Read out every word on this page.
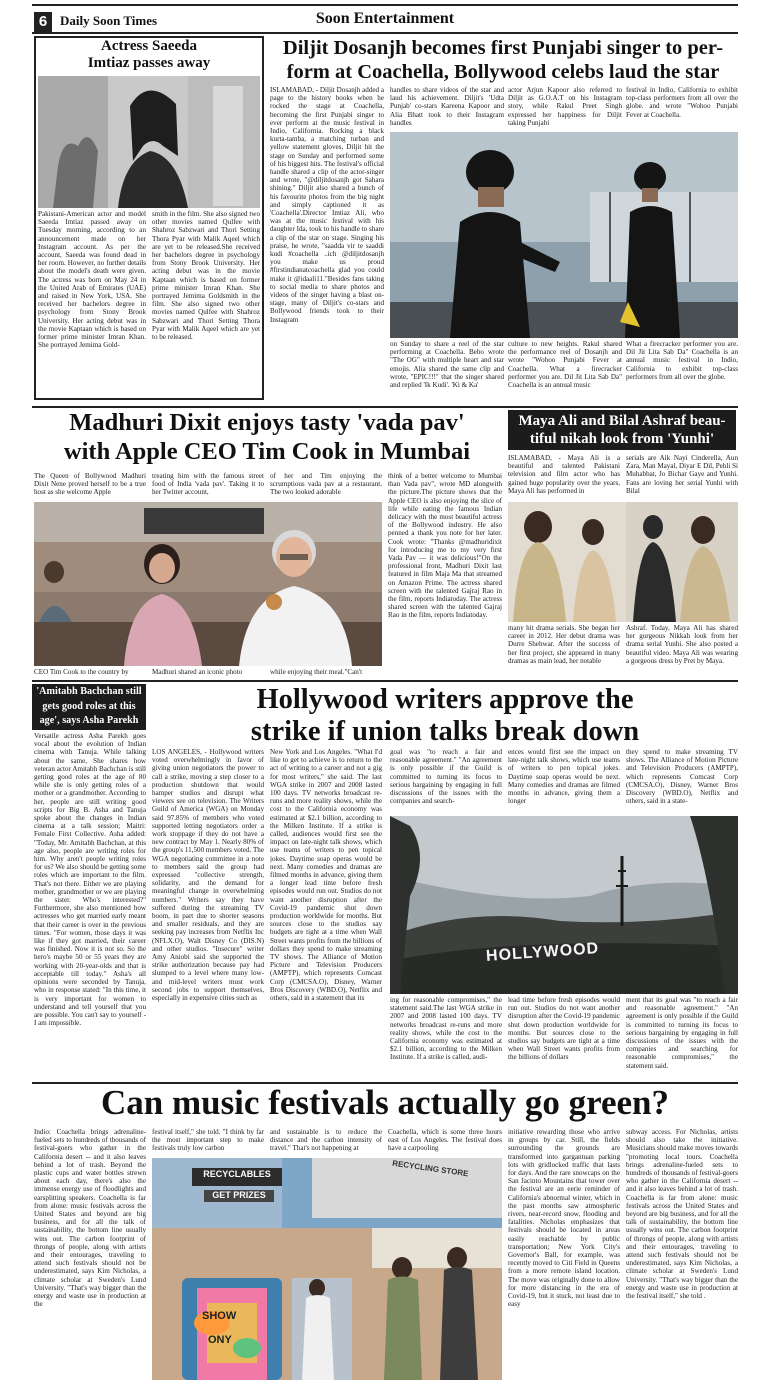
6 Daily Soon Times	Soon Entertainment
Actress Saeeda
Imtiaz passes away
Pakistani-American actor and model Saeeda Imtiaz passed away on Tuesday morning, according to an announcement made on her Instagram account. As per the account, Saeeda was found dead in her room. However, no further details about the model's death were given. The actress was born on May 24 in the United Arab of Emirates (UAE) and raised in New York, USA. She received her bachelors degree in psychology from Stony Brook University. Her acting debut was in the movie Kaptaan which is based on former prime minister Imran Khan. She portrayed Jemima Gold-
smith in the film. She also signed two other movies named Qulfee with Shahroz Sabzwari and Thori Setting Thora Pyar with Malik Aqeel which are yet to be released.She received her bachelors degree in psychology from Stony Brook University. Her acting debut was in the movie Kaptaan which is based on former prime minister Imran Khan. She portrayed Jemima Goldsmith in the film. She also signed two other movies named Qulfee with Shahroz Sabzwari and Thori Setting Thora Pyar with Malik Aqeel which are yet to be released.
Diljit Dosanjh becomes first Punjabi singer to per-
form at Coachella, Bollywood celebs laud the star
ISLAMABAD, - Diljit Dosanjh added a page to the history books when he rocked the stage at Coachella, becoming the first Punjabi singer to ever perform at the music festival in Indio, California. Rocking a black kurta-tamba, a matching turban and yellow statement gloves, Diljit hit the stage on Sunday and performed some of his biggest hits. The festival's official handle shared a clip of the actor-singer and wrote, "@diljitdosanjh got Sahara shining." Diljit also shared a bunch of his favourite photos from the big night and simply captioned it as 'Coachella'.Director Imtiaz Ali, who was at the music festival with his daughter Ida, took to his handle to share a clip of the star on stage. Singing his praise, he wrote, "saadda vir te saaddi kudi #coachella ..ich @diljitdosanjh you make us proud #firstindianatcoachella glad you could make it @idaali11."Besides fans taking to social media to share photos and videos of the singer having a blast on-stage, many of Diljit's co-stars and Bollywood friends took to their Instagram
handles to share videos of the star and laud his achievement. Diljit's 'Udta Punjab' co-stars Kareena Kapoor and Alia Bhatt took to their Instagram handles
actor Arjun Kapoor also referred to Diljit as G.O.A.T on his Instagram story, while Rakul Preet Singh expressed her happiness for Diljit taking Punjabi
festival in Indio, California to exhibit top-class performers from all over the globe. and wrote "Wohoo Punjabi Fever at Coachella.
on Sunday to share a reel of the star performing at Coachella. Bebo wrote "The OG" with multiple heart and star emojis. Alia shared the same clip and wrote, "EPIC!!!" that the singer shared and replied 'Ik Kudi'. 'Ki & Ka'
culture to new heights. Rakul shared the performance reel of Dosanjh and wrote "Wohoo Punjabi Fever at Coachella. What a firecracker performer you are. Dil Jit Lita Sab Da" Coachella is an annual music
What a firecracker performer you are. Dil Jit Lita Sab Da" Coachella is an annual music festival in Indio, California to exhibit top-class performers from all over the globe.
Madhuri Dixit enjoys tasty 'vada pav'
with Apple CEO Tim Cook in Mumbai
The Queen of Bollywood Madhuri Dixit Nene proved herself to be a true host as she welcome Apple
treating him with the famous street food of India 'vada pav'. Taking it to her Twitter account,
of her and Tim enjoying the scrumptious vada pav at a restaurant. The two looked adorable
CEO Tim Cook to the country by	Madhuri shared an iconic photo	while enjoying their meal."Can't
think of a better welcome to Mumbai than Vada pav", wrote MD alongwith the picture.The picture shows that the Apple CEO is also enjoying the slice of life while eating the famous Indian delicacy with the most beautiful actress of the Bollywood industry. He also penned a thank you note for her later. Cook wrote: "Thanks @madhuridixit for introducing me to my very first Vada Pav — it was delicious!"On the professional front, Madhuri Dixit last featured in film Maja Ma that streamed on Amazon Prime. The actress shared screen with the talented Gajraj Rao in the film, reports Indiatoday. The actress shared screen with the talented Gajraj Rao in the film, reports Indiatoday.
Maya Ali and Bilal Ashraf beau-
tiful nikah look from 'Yunhi'
ISLAMABAD, - Maya Ali is a beautiful and talented Pakistani television and film actor who has gained huge popularity over the years, Maya Ali has performed in
serials are Aik Nayi Cinderella, Aun Zara, Man Mayal, Diyar E Dil, Pehli Si Muhabbat, Jo Bichar Gaye and Yunhi. Fans are loving her serial Yunhi with Bilal
many hit drama serials. She began her career in 2012. Her debut drama was Durre Shehwar. After the success of her first project, she appeared in many dramas as main lead, her notable
Ashraf. Today, Maya Ali has shared her gorgeous Nikkah look from her drama serial Yunhi. She also posted a beautiful video. Maya Ali was wearing a gorgeous dress by Pret by Maya.
'Amitabh Bachchan still
gets good roles at this
age', says Asha Parekh
Versatile actress Asha Parekh goes vocal about the evolution of Indian cinema with Tanuja. While talking about the same, She shares how veteran actor Amitabh Bachchan is still getting good roles at the age of 80 while she is only getting roles of a mother or a grandmother. According to her, people are still writing good scripts for Big B. Asha and Tanuja spoke about the changes in Indian cinema at a talk session; Maitri: Female First Collective. Asha added: "Today, Mr. Amitabh Bachchan, at this age also, people are writing roles for him. Why aren't people writing roles for us? We also should be getting some roles which are important to the film. That's not there. Either we are playing mother, grandmother or we are playing the sister. Who's interested?" Furthermore, she also mentioned how actresses who get married early meant that their career is over in the previous times. "For women, those days it was like if they got married, their career was finished. Now it is not so. So the hero's maybe 50 or 55 years they are working with 20-year-olds and that is acceptable till today." Asha's all opinions were seconded by Tanuja, who in response stated: "In this time, it is very important for women to understand and tell yourself that you are possible. You can't say to yourself - I am impossible.
Hollywood writers approve the
strike if union talks break down
LOS ANGELES, - Hollywood writers voted overwhelmingly in favor of giving union negotiators the power to call a strike, moving a step closer to a production shutdown that would hamper studios and disrupt what viewers see on television. The Writers Guild of America (WGA) on Monday said 97.85% of members who voted supported letting negotiators order a work stoppage if they do not have a new contract by May 1. Nearly 80% of the group's 11,500 members voted. The WGA negotiating committee in a note to members said the group had expressed "collective strength, solidarity, and the demand for meaningful change in overwhelming numbers." Writers say they have suffered during the streaming TV boom, in part due to shorter seasons and smaller residuals, and they are seeking pay increases from Netflix Inc (NFLX.O), Walt Disney Co (DIS.N) and other studios. "Insecure" writer Amy Aniobi said she supported the strike authorization because pay had slumped to a level where many low- and mid-level writers must work second jobs to support themselves, especially in expensive cities such as
New York and Los Angeles. "What I'd like to get to achieve is to return to the act of writing to a career and not a gig for most writers," she said. The last WGA strike in 2007 and 2008 lasted 100 days. TV networks broadcast re-runs and more reality shows, while the cost to the California economy was estimated at $2.1 billion, according to the Milken Institute. If a strike is called, audiences would first see the impact on late-night talk shows, which use teams of writers to pen topical jokes. Daytime soap operas would be next. Many comedies and dramas are filmed months in advance, giving them a longer lead time before fresh episodes would run out. Studios do not want another disruption after the Covid-19 pandemic shut down production worldwide for months. But sources close to the studios say budgets are tight at a time when Wall Street wants profits from the billions of dollars they spend to make streaming TV shows. The Alliance of Motion Picture and Television Producers (AMPTP), which represents Comcast Corp (CMCSA.O), Disney, Warner Bros Discovery (WBD.O), Netflix and others, said in a statement that its
goal was "to reach a fair and reasonable agreement." "An agreement is only possible if the Guild is committed to turning its focus to serious bargaining by engaging in full discussions of the issues with the companies and search-
ences would first see the impact on late-night talk shows, which use teams of writers to pen topical jokes. Daytime soap operas would be next. Many comedies and dramas are filmed months in advance, giving them a longer
they spend to make streaming TV shows. The Alliance of Motion Picture and Television Producers (AMPTP), which represents Comcast Corp (CMCSA.O), Disney, Warner Bros Discovery (WBD.O), Netflix and others, said in a state-
HOLLYWOOD
ing for reasonable compromises," the statement said.The last WGA strike in 2007 and 2008 lasted 100 days. TV networks broadcast re-runs and more reality shows, while the cost to the California economy was estimated at $2.1 billion, according to the Milken Institute. If a strike is called, audi-
lead time before fresh episodes would run out. Studios do not want another disruption after the Covid-19 pandemic shut down production worldwide for months. But sources close to the studios say budgets are tight at a time when Wall Street wants profits from the billions of dollars
ment that its goal was "to reach a fair and reasonable agreement." "An agreement is only possible if the Guild is committed to turning its focus to serious bargaining by engaging in full discussions of the issues with the companies and searching for reasonable compromises," the statement said.
Can music festivals actually go green?
Indio: Coachella brings adrenaline-fueled sets to hundreds of thousands of festival-goers who gather in the California desert -- and it also leaves behind a lot of trash. Beyond the plastic cups and water bottles strewn about each day, there's also the immense energy use of floodlights and earsplitting speakers. Coachella is far from alone: music festivals across the United States and beyond are big business, and for all the talk of sustainability, the bottom line usually wins out. The carbon footprint of throngs of people, along with artists and their entourages, traveling to attend such festivals should not be underestimated, says Kim Nicholas, a climate scholar at Sweden's Lund University. "That's way bigger than the energy and waste use in production at the
festival itself," she told. "I think by far the most important step to make festivals truly low carbon
and sustainable is to reduce the distance and the carbon intensity of travel." That's not happening at
Coachella, which is some three hours east of Los Angeles. The festival does have a carpooling
RECYCLABLES
GET PRIZES
RECYCLING STORE
SHOW
ONY
initiative rewarding those who arrive in groups by car. Still, the fields surrounding the grounds are transformed into gargantuan parking lots with gridlocked traffic that lasts for days. And the rare snowcaps on the San Jacinto Mountains that tower over the festival are an eerie reminder of California's abnormal winter, which in the past months saw atmospheric rivers, near-record snow, flooding and fatalities. Nicholas emphasizes that festivals should be located in areas easily reachable by public transportation; New York City's Governor's Ball, for example, was recently moved to Citi Field in Queens from a more remote island location. The move was originally done to allow for more distancing in the era of Covid-19, but it stuck, not least due to easy
subway access. For Nicholas, artists should also take the initiative. Musicians should make moves towards "promoting local tours. Coachella brings adrenaline-fueled sets to hundreds of thousands of festival-goers who gather in the California desert -- and it also leaves behind a lot of trash. Coachella is far from alone: music festivals across the United States and beyond are big business, and for all the talk of sustainability, the bottom line usually wins out. The carbon footprint of throngs of people, along with artists and their entourages, traveling to attend such festivals should not be underestimated, says Kim Nicholas, a climate scholar at Sweden's Lund University. "That's way bigger than the energy and waste use in production at the festival itself," she told .
